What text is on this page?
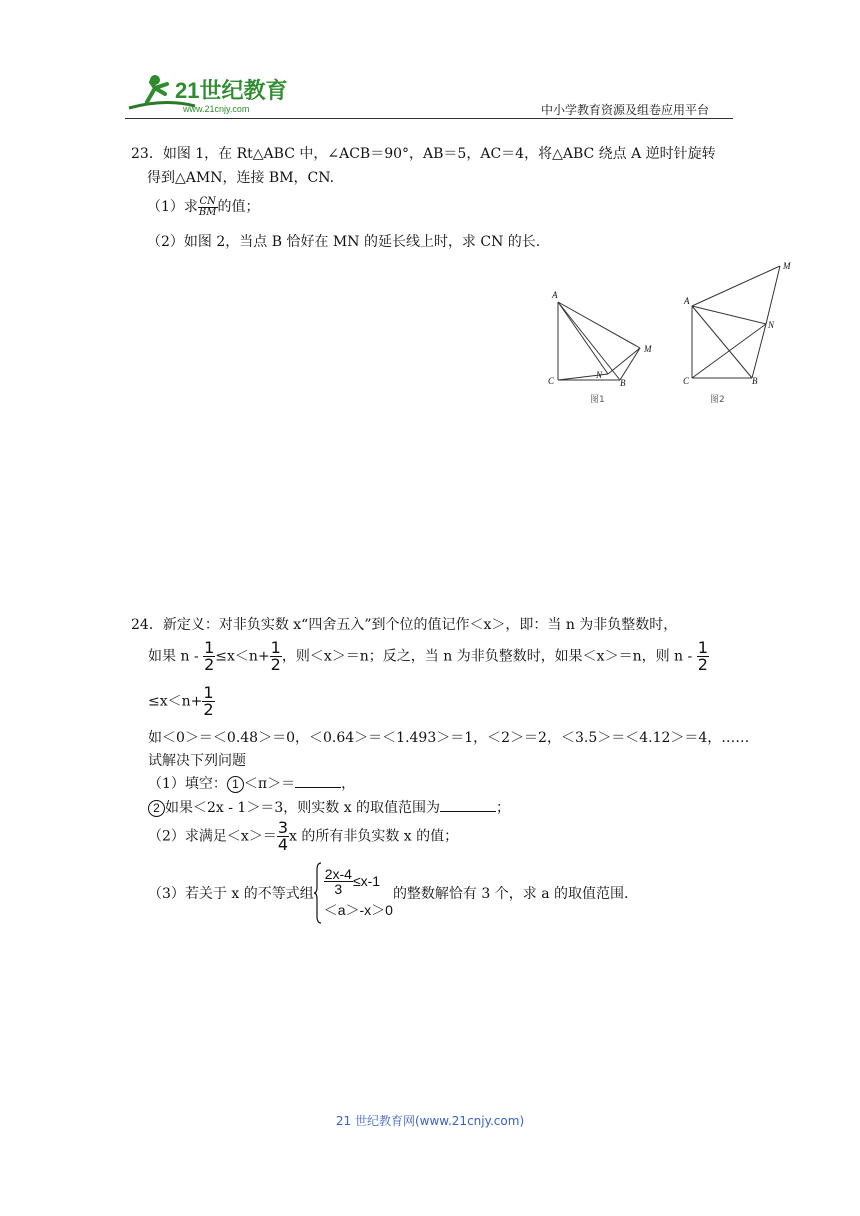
21世纪教育
www.21cnjy.com	中小学教育资源及组卷应用平台
23．如图 1，在 Rt△ABC 中，∠ACB＝90°，AB＝5，AC＝4，将△ABC 绕点 A 逆时针旋转
得到△AMN，连接 BM，CN.
（1）求 $\frac{CN}{BM}$ 的值；
（2）如图 2，当点 B 恰好在 MN 的延长线上时，求 CN 的长.
A
C
N
B
M
图1
A
C	B
N
M
图2
24．新定义：对非负实数 x“四舍五入”到个位的值记作＜x＞，即：当 n 为非负整数时，
如果 $n - \frac{1}{2} \le x<n+ \frac{1}{2}$ ，则＜x＞＝n；反之，当 n 为非负整数时，如果＜x＞＝n，则 n - $\frac{1}{2}$
$\le x<n+ \frac{1}{2}$
如＜0＞＝＜0.48＞＝0，＜0.64＞＝＜1.493＞＝1，＜2＞＝2，＜3.5＞＝＜4.12＞＝4，……
试解决下列问题
（1）填空： 1 ＜π＞＝	，
2 如果＜2x - 1＞＝3，则实数 x 的取值范围为	；
（2）求满足$<x>= \frac{3}{4}$ x 的所有非负实数 x 的值；
（3）若关于 x 的不等式组 $\frac{2x-4}{3} \le x-1$
＜a＞-x＞0
的整数解恰有 3 个，求 a 的取值范围.
21 世纪教育网(www.21cnjy.com)
